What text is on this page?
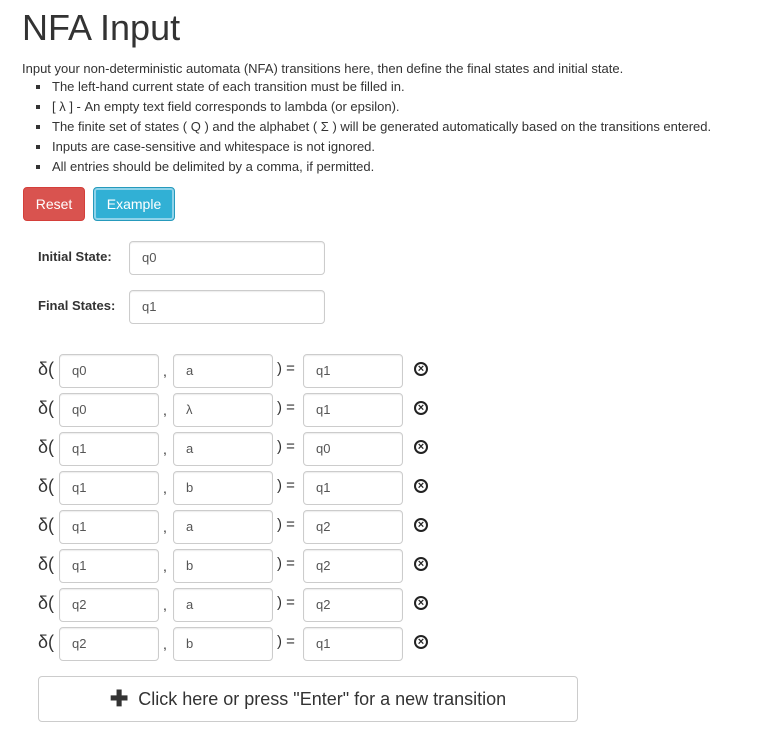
NFA Input
Input your non-deterministic automata (NFA) transitions here, then define the final states and initial state.
The left-hand current state of each transition must be filled in.
[ λ ] - An empty text field corresponds to lambda (or epsilon).
The finite set of states ( Q ) and the alphabet ( Σ ) will be generated automatically based on the transitions entered.
Inputs are case-sensitive and whitespace is not ignored.
All entries should be delimited by a comma, if permitted.
Reset	Example
Initial State:	q0
Final States:	q1
δ(	q0	,	a	) =	q1	×
δ(	q0	,	λ	) =	q1	×
δ(	q1	,	a	) =	q0	×
δ(	q1	,	b	) =	q1	×
δ(	q1	,	a	) =	q2	×
δ(	q1	,	b	) =	q2	×
δ(	q2	,	a	) =	q2	×
δ(	q2	,	b	) =	q1	×
✚ Click here or press "Enter" for a new transition
